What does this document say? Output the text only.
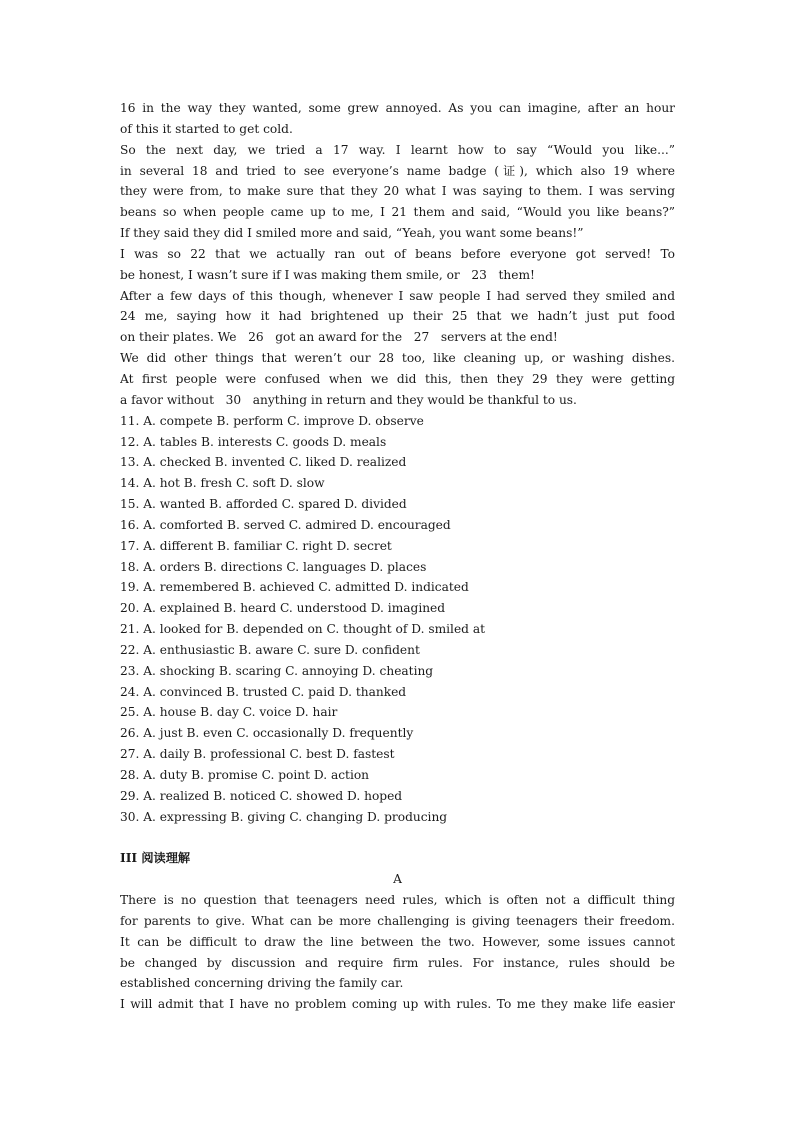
16 in the way they wanted, some grew annoyed. As you can imagine, after an hour
of this it started to get cold.
So the next day, we tried a 17 way. I learnt how to say “Would you like...”
in several 18 and tried to see everyone’s name badge (证), which also 19 where
they were from, to make sure that they 20 what I was saying to them. I was serving
beans so when people came up to me, I 21 them and said, “Would you like beans?”
If they said they did I smiled more and said, “Yeah, you want some beans!”
I was so 22 that we actually ran out of beans before everyone got served! To
be honest, I wasn’t sure if I was making them smile, or   23   them!
After a few days of this though, whenever I saw people I had served they smiled and
24 me, saying how it had brightened up their 25 that we hadn’t just put food
on their plates. We   26   got an award for the   27   servers at the end!
We did other things that weren’t our 28 too, like cleaning up, or washing dishes.
At first people were confused when we did this, then they 29 they were getting
a favor without   30   anything in return and they would be thankful to us.
11. A. compete B. perform C. improve D. observe
12. A. tables B. interests C. goods D. meals
13. A. checked B. invented C. liked D. realized
14. A. hot B. fresh C. soft D. slow
15. A. wanted B. afforded C. spared D. divided
16. A. comforted B. served C. admired D. encouraged
17. A. different B. familiar C. right D. secret
18. A. orders B. directions C. languages D. places
19. A. remembered B. achieved C. admitted D. indicated
20. A. explained B. heard C. understood D. imagined
21. A. looked for B. depended on C. thought of D. smiled at
22. A. enthusiastic B. aware C. sure D. confident
23. A. shocking B. scaring C. annoying D. cheating
24. A. convinced B. trusted C. paid D. thanked
25. A. house B. day C. voice D. hair
26. A. just B. even C. occasionally D. frequently
27. A. daily B. professional C. best D. fastest
28. A. duty B. promise C. point D. action
29. A. realized B. noticed C. showed D. hoped
30. A. expressing B. giving C. changing D. producing
III 阅读理解
A
There is no question that teenagers need rules, which is often not a difficult thing
for parents to give. What can be more challenging is giving teenagers their freedom.
It can be difficult to draw the line between the two. However, some issues cannot
be changed by discussion and require firm rules. For instance, rules should be
established concerning driving the family car.
I will admit that I have no problem coming up with rules. To me they make life easier
